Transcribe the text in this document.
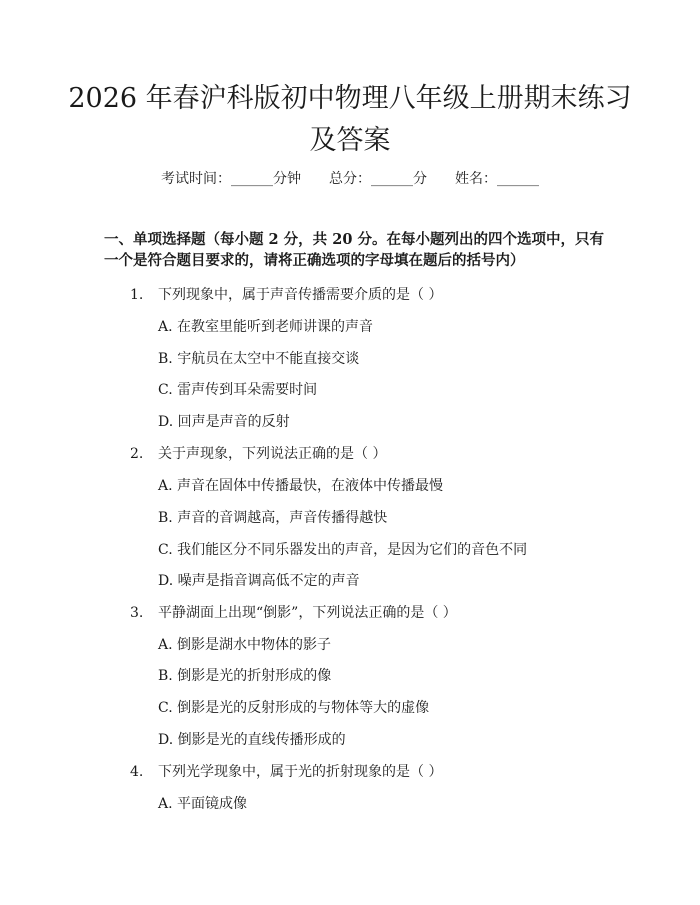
2026 年春沪科版初中物理八年级上册期末练习及答案
考试时间：______分钟 总分：______分 姓名：______
一、单项选择题（每小题 2 分，共 20 分。在每小题列出的四个选项中，只有一个是符合题目要求的，请将正确选项的字母填在题后的括号内）
1. 下列现象中，属于声音传播需要介质的是（ ）
A. 在教室里能听到老师讲课的声音
B. 宇航员在太空中不能直接交谈
C. 雷声传到耳朵需要时间
D. 回声是声音的反射
2. 关于声现象，下列说法正确的是（ ）
A. 声音在固体中传播最快，在液体中传播最慢
B. 声音的音调越高，声音传播得越快
C. 我们能区分不同乐器发出的声音，是因为它们的音色不同
D. 噪声是指音调高低不定的声音
3. 平静湖面上出现“倒影”，下列说法正确的是（ ）
A. 倒影是湖水中物体的影子
B. 倒影是光的折射形成的像
C. 倒影是光的反射形成的与物体等大的虚像
D. 倒影是光的直线传播形成的
4. 下列光学现象中，属于光的折射现象的是（ ）
A. 平面镜成像
